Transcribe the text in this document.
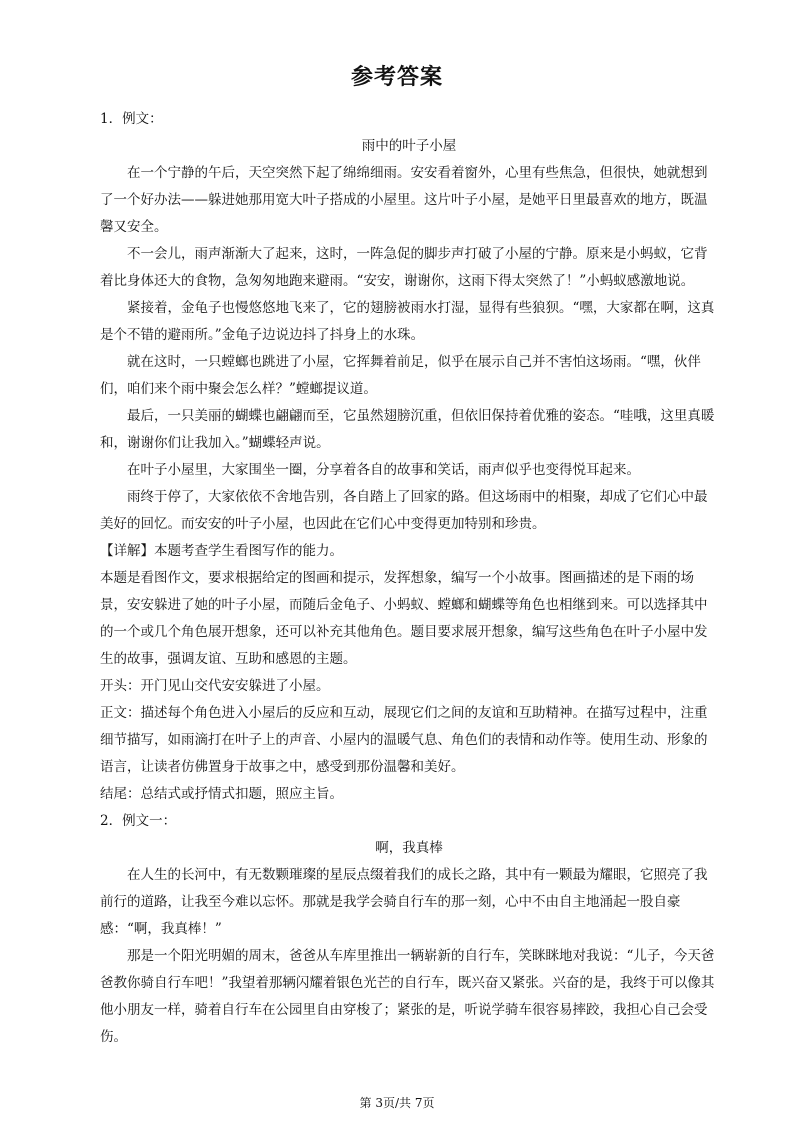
参考答案

1．例文：

雨中的叶子小屋

在一个宁静的午后，天空突然下起了绵绵细雨。安安看着窗外，心里有些焦急，但很快，她就想到了一个好办法——躲进她那用宽大叶子搭成的小屋里。这片叶子小屋，是她平日里最喜欢的地方，既温馨又安全。

不一会儿，雨声渐渐大了起来，这时，一阵急促的脚步声打破了小屋的宁静。原来是小蚂蚁，它背着比身体还大的食物，急匆匆地跑来避雨。“安安，谢谢你，这雨下得太突然了！”小蚂蚁感激地说。

紧接着，金龟子也慢悠悠地飞来了，它的翅膀被雨水打湿，显得有些狼狈。“嘿，大家都在啊，这真是个不错的避雨所。”金龟子边说边抖了抖身上的水珠。

就在这时，一只螳螂也跳进了小屋，它挥舞着前足，似乎在展示自己并不害怕这场雨。“嘿，伙伴们，咱们来个雨中聚会怎么样？”螳螂提议道。

最后，一只美丽的蝴蝶也翩翩而至，它虽然翅膀沉重，但依旧保持着优雅的姿态。“哇哦，这里真暖和，谢谢你们让我加入。”蝴蝶轻声说。

在叶子小屋里，大家围坐一圈，分享着各自的故事和笑话，雨声似乎也变得悦耳起来。

雨终于停了，大家依依不舍地告别，各自踏上了回家的路。但这场雨中的相聚，却成了它们心中最美好的回忆。而安安的叶子小屋，也因此在它们心中变得更加特别和珍贵。

【详解】本题考查学生看图写作的能力。

本题是看图作文，要求根据给定的图画和提示，发挥想象，编写一个小故事。图画描述的是下雨的场景，安安躲进了她的叶子小屋，而随后金龟子、小蚂蚁、螳螂和蝴蝶等角色也相继到来。可以选择其中的一个或几个角色展开想象，还可以补充其他角色。题目要求展开想象，编写这些角色在叶子小屋中发生的故事，强调友谊、互助和感恩的主题。

开头：开门见山交代安安躲进了小屋。

正文：描述每个角色进入小屋后的反应和互动，展现它们之间的友谊和互助精神。在描写过程中，注重细节描写，如雨滴打在叶子上的声音、小屋内的温暖气息、角色们的表情和动作等。使用生动、形象的语言，让读者仿佛置身于故事之中，感受到那份温馨和美好。

结尾：总结式或抒情式扣题，照应主旨。

2．例文一：

啊，我真棒

在人生的长河中，有无数颗璀璨的星辰点缀着我们的成长之路，其中有一颗最为耀眼，它照亮了我前行的道路，让我至今难以忘怀。那就是我学会骑自行车的那一刻，心中不由自主地涌起一股自豪感：“啊，我真棒！”

那是一个阳光明媚的周末，爸爸从车库里推出一辆崭新的自行车，笑眯眯地对我说：“儿子，今天爸爸教你骑自行车吧！”我望着那辆闪耀着银色光芒的自行车，既兴奋又紧张。兴奋的是，我终于可以像其他小朋友一样，骑着自行车在公园里自由穿梭了；紧张的是，听说学骑车很容易摔跤，我担心自己会受伤。

第 3页/共 7页
